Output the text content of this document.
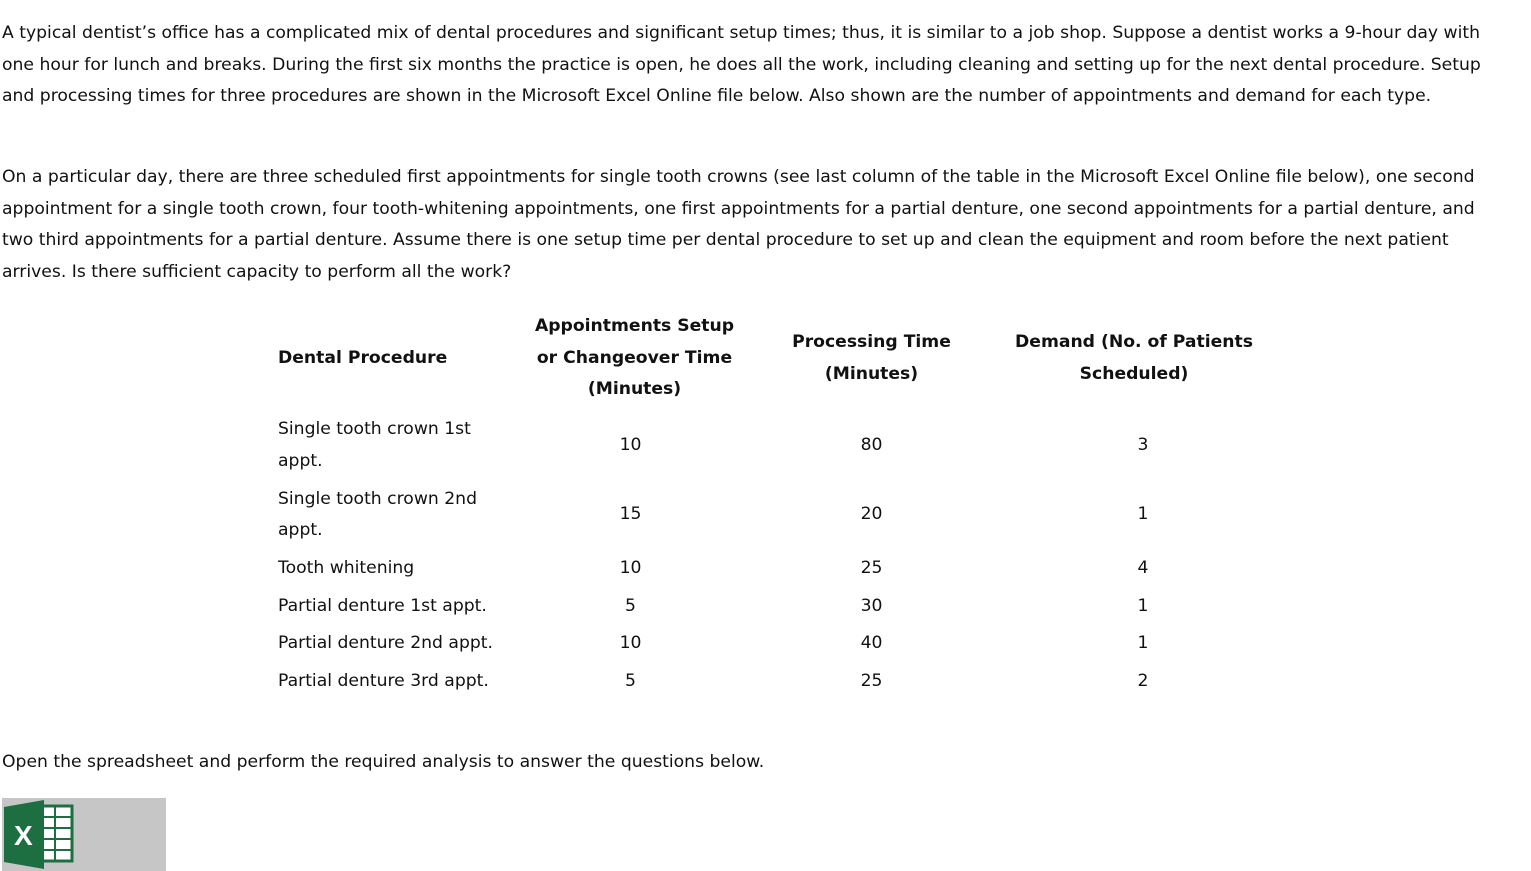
A typical dentist’s office has a complicated mix of dental procedures and significant setup times; thus, it is similar to a job shop. Suppose a dentist works a 9-hour day with one hour for lunch and breaks. During the first six months the practice is open, he does all the work, including cleaning and setting up for the next dental procedure. Setup and processing times for three procedures are shown in the Microsoft Excel Online file below. Also shown are the number of appointments and demand for each type.

On a particular day, there are three scheduled first appointments for single tooth crowns (see last column of the table in the Microsoft Excel Online file below), one second appointment for a single tooth crown, four tooth-whitening appointments, one first appointments for a partial denture, one second appointments for a partial denture, and two third appointments for a partial denture. Assume there is one setup time per dental procedure to set up and clean the equipment and room before the next patient arrives. Is there sufficient capacity to perform all the work?

Dental Procedure	Appointments Setup or Changeover Time (Minutes)	Processing Time (Minutes)	Demand (No. of Patients Scheduled)
Single tooth crown 1st appt.	10	80	3
Single tooth crown 2nd appt.	15	20	1
Tooth whitening	10	25	4
Partial denture 1st appt.	5	30	1
Partial denture 2nd appt.	10	40	1
Partial denture 3rd appt.	5	25	2

Open the spreadsheet and perform the required analysis to answer the questions below.

X
